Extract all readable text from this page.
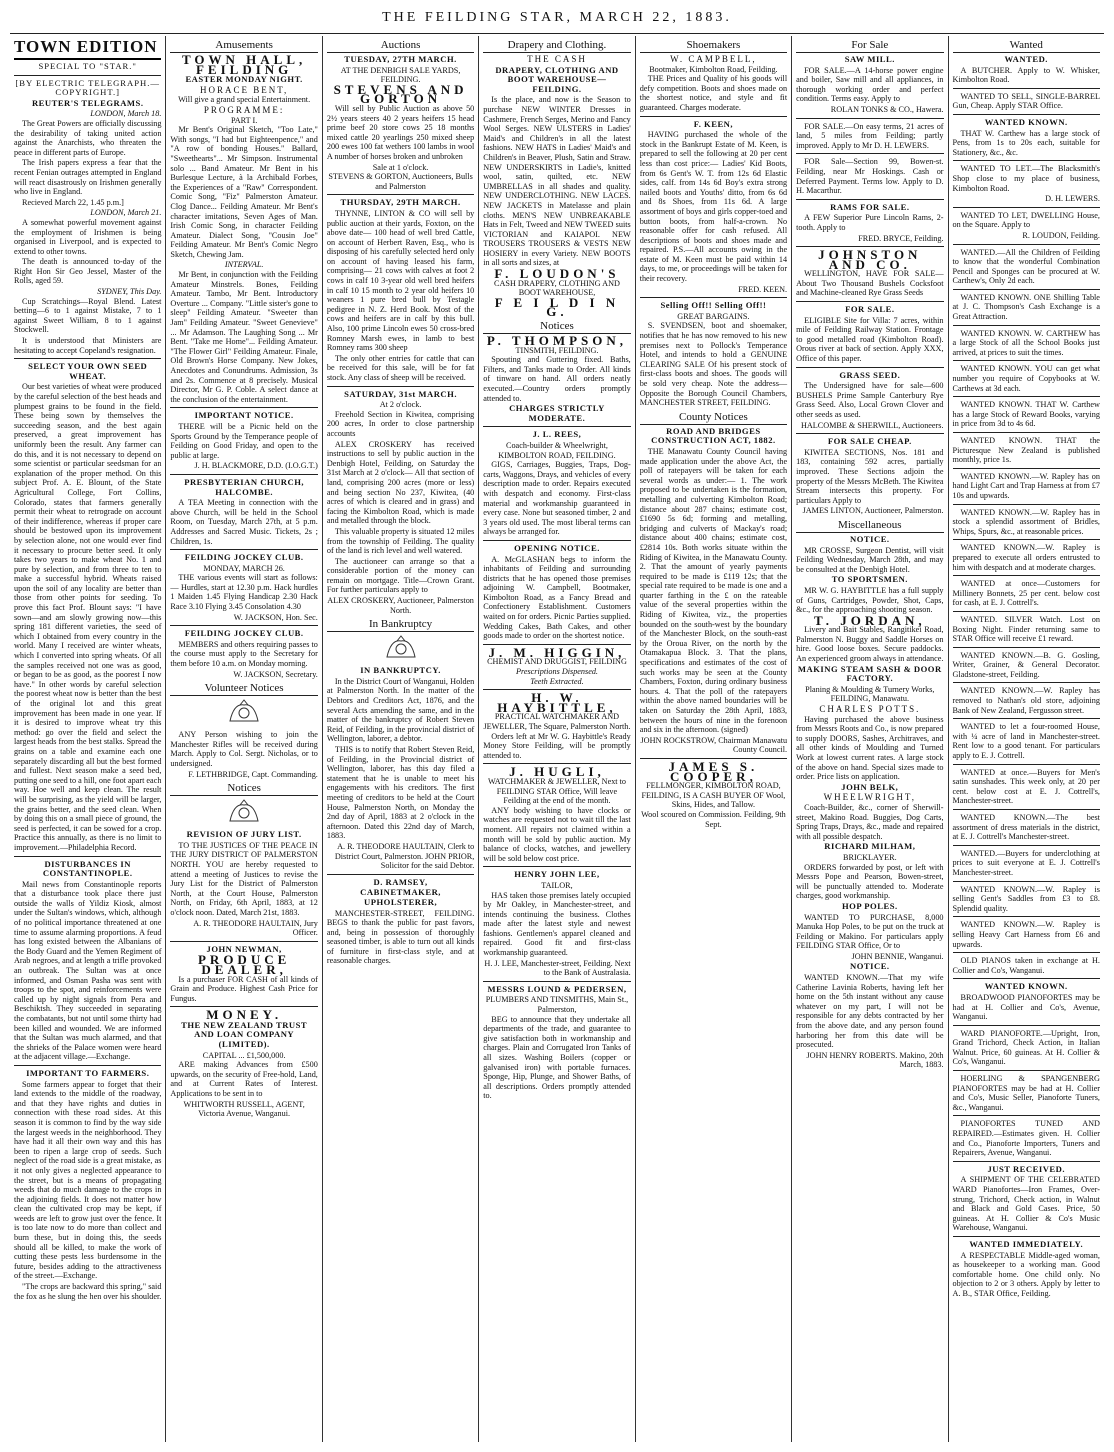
THE FEILDING STAR, MARCH 22, 1883.
TOWN EDITION
SPECIAL TO "STAR."
[BY ELECTRIC TELEGRAPH.—COPYRIGHT.]
REUTER'S TELEGRAMS.
LONDON, March 18.

The Great Powers are officially discussing the desirability of taking united action against the Anarchists, who threaten the peace in different parts of Europe.

The Irish papers express a fear that the recent Fenian outrages attempted in England will react disastrously on Irishmen generally who live in England.

Recieved March 22, 1.45 p.m.]

LONDON, March 21.

A somewhat powerful movement against the employment of Irishmen is being organised in Liverpool, and is expected to extend to other towns.

The death is announced to-day of the Right Hon Sir Geo Jessel, Master of the Rolls, aged 59.

SYDNEY, This Day.

Cup Scratchings—Royal Blend. Latest betting—6 to 1 against Mistake, 7 to 1 against Sweet William, 8 to 1 against Stockwell.

It is understood that Ministers are hesitating to accept Copeland's resignation.

SELECT YOUR OWN SEED WHEAT.

Our best varieties of wheat were produced by the careful selection of the best heads and plumpest grains to be found in the field. These being sown by themselves the succeeding season, and the best again preserved, a great improvement has uniformly been the result. Any farmer can do this, and it is not necessary to depend on some scientist or particular seedsman for an explanation of the proper method. On this subject Prof. A. E. Blount, of the State Agricultural College, Fort Collins, Colorado, states that farmers generally permit their wheat to retrograde on account of their indifference, whereas if proper care should be bestowed upon its improvement by selection alone, not one would ever find it necessary to procure better seed. It only takes two years to make wheat No. 1 and pure by selection, and from three to ten to make a successful hybrid. Wheats raised upon the soil of any locality are better than those from other points for seeding. To prove this fact Prof. Blount says: "I have sown—and am slowly growing now—this spring 181 different varieties, the seed of which I obtained from every country in the world. Many I received are winter wheats, which I converted into spring wheats. Of all the samples received not one was as good, or began to be as good, as the poorest I now have." In other words by careful selection the poorest wheat now is better than the best of the original lot and this great improvement has been made in one year. If it is desired to improve wheat try this method: go over the field and select the largest heads from the best stalks. Spread the grains on a table and examine each one separately discarding all but the best formed and fullest. Next season make a seed bed, putting one seed to a hill, one foot apart each way. Hoe well and keep clean. The result will be surprising, as the yield will be larger, the grains better, and the seed clean. When by doing this on a small piece of ground, the seed is perfected, it can be sowed for a crop. Practice this annually, as there is no limit to improvement.—Philadelphia Record.

DISTURBANCES IN CONSTANTINOPLE.

Mail news from Constantinople reports that a disturbance took place there just outside the walls of Yildiz Kiosk, almost under the Sultan's windows, which, although of no political importance threatened at one time to assume alarming proportions. A feud has long existed between the Albanians of the Body Guard and the Yemen Regiment of Arab negroes, and at length a trifle provoked an outbreak. The Sultan was at once informed, and Osman Pasha was sent with troops to the spot, and reinforcements were called up by night signals from Pera and Beschiktsh. They succeeded in separating the combatants, but not until some thirty had been killed and wounded. We are informed that the Sultan was much alarmed, and that the shrieks of the Palace women were heard at the adjacent village.—Exchange.

IMPORTANT TO FARMERS.

Some farmers appear to forget that their land extends to the middle of the roadway, and that they have rights and duties in connection with these road sides. At this season it is common to find by the way side the largest weeds in the neighborhood. They have had it all their own way and this has been to ripen a large crop of seeds. Such neglect of the road side is a great mistake, as it not only gives a neglected appearance to the street, but is a means of propagating weeds that do much damage to the crops in the adjoining fields. It does not matter how clean the cultivated crop may be kept, if weeds are left to grow just over the fence. It is too late now to do more than collect and burn these, but in doing this, the seeds should all be killed, to make the work of cutting these pests less burdensome in the future, besides adding to the attractiveness of the street.—Exchange.

"The crops are backward this spring," said the fox as he slung the hen over his shoulder.

Amusements
TOWN HALL, FEILDING
EASTER MONDAY NIGHT.
HORACE BENT,

Will give a grand special Entertainment.

PROGRAMME:
PART I.

Mr Bent's Original Sketch, "Too Late," With songs, "I had but Eighteenpence," and "A row of bonding Houses." Ballard, "Sweethearts"... Mr Simpson. Instrumental solo ... Band Amateur. Mr Bent in his Burlesque Lecture, à la Archibald Forbes, the Experiences of a "Raw" Correspondent. Comic Song, "Fiz" Palmerston Amateur. Clog Dance... Feilding Amateur. Mr Bent's character imitations, Seven Ages of Man. Irish Comic Song, in character Feilding Amateur. Dialect Song, "Cousin Joe" Feilding Amateur. Mr Bent's Comic Negro Sketch, Chewing Jam.

INTERVAL.

Mr Bent, in conjunction with the Feilding Amateur Minstrels. Bones, Feilding Amateur. Tambo, Mr Bent. Introductory Overture ... Company. "Little sister's gone to sleep" Feilding Amateur. "Sweeter than Jam" Feilding Amateur. "Sweet Genevieve" ... Mr Adamson. The Laughing Song ... Mr Bent. "Take me Home"... Feilding Amateur. "The Flower Girl" Feilding Amateur. Finale, Old Brown's Horse Company. New Jokes, Anecdotes and Conundrums. Admission, 3s and 2s. Commence at 8 precisely. Musical Director, Mr G. P. Coble. A select dance at the conclusion of the entertainment.

IMPORTANT NOTICE.

THERE will be a Picnic held on the Sports Ground by the Temperance people of Feilding on Good Friday, and open to the public at large.

J. H. BLACKMORE, D.D. (I.O.G.T.)
PRESBYTERIAN CHURCH, HALCOMBE.

A TEA Meeting in connection with the above Church, will be held in the School Room, on Tuesday, March 27th, at 5 p.m. Addresses and Sacred Music. Tickets, 2s ; Children, 1s.

FEILDING JOCKEY CLUB.
MONDAY, MARCH 26.

THE various events will start as follows:— Hurdles, start at 12.30 p.m. Hack hurdles 1 Maiden 1.45 Flying Handicap 2.30 Hack Race 3.10 Flying 3.45 Consolation 4.30

W. JACKSON, Hon. Sec.
FEILDING JOCKEY CLUB.

MEMBERS and others requiring passes to the course must apply to the Secretary for them before 10 a.m. on Monday morning.

W. JACKSON, Secretary.
Volunteer Notices

ANY Person wishing to join the Manchester Rifles will be received during March. Apply to Col. Sergt. Nicholas, or to undersigned.

F. LETHBRIDGE, Capt. Commanding.
Notices
REVISION OF JURY LIST.

TO THE JUSTICES OF THE PEACE IN THE JURY DISTRICT OF PALMERSTON NORTH. YOU are hereby requested to attend a meeting of Justices to revise the Jury List for the District of Palmerston North, at the Court House, Palmerston North, on Friday, 6th April, 1883, at 12 o'clock noon. Dated, March 21st, 1883.

A. R. THEODORE HAULTAIN, Jury Officer.
JOHN NEWMAN,
PRODUCE DEALER,

Is a purchaser FOR CASH of all kinds of Grain and Produce. Highest Cash Price for Fungus.

MONEY.
THE NEW ZEALAND TRUST AND LOAN COMPANY (LIMITED).
CAPITAL ... £1,500,000.

ARE making Advances from £500 upwards, on the security of Free-hold, Land, and at Current Rates of Interest. Applications to be sent in to

WHITWORTH RUSSELL, AGENT, Victoria Avenue, Wanganui.
Auctions
TUESDAY, 27TH MARCH.
AT THE DENBIGH SALE YARDS, FEILDING.
STEVENS AND GORTON

Will sell by Public Auction as above 50 2½ years steers 40 2 years heifers 15 head prime beef 20 store cows 25 18 months mixed cattle 20 yearlings 250 mixed sheep 200 ewes 100 fat wethers 100 lambs in wool A number of horses broken and unbroken

Sale at 1 o'clock.
STEVENS & GORTON, Auctioneers, Bulls and Palmerston
THURSDAY, 29TH MARCH.

THYNNE, LINTON & CO will sell by public auction at their yards, Foxton, on the above date— 100 head of well bred Cattle, on account of Herbert Raven, Esq., who is disposing of his carefully selected herd only on account of having leased his farm, comprising— 21 cows with calves at foot 2 cows in calf 10 3-year old well bred heifers in calf 10 15 month to 2 year old heifers 10 weaners 1 pure bred bull by Testagle pedigree in N. Z. Herd Book. Most of the cows and heifers are in calf by this bull. Also, 100 prime Lincoln ewes 50 cross-bred Romney Marsh ewes, in lamb to best Romney rams 300 sheep

The only other entries for cattle that can be received for this sale, will be for fat stock. Any class of sheep will be received.

SATURDAY, 31st MARCH.
At 2 o'clock.

Freehold Section in Kiwitea, comprising 200 acres, In order to close partnership accounts

ALEX CROSKERY has received instructions to sell by public auction in the Denbigh Hotel, Feilding, on Saturday the 31st March at 2 o'clock— All that section of land, comprising 200 acres (more or less) and being section No 237, Kiwitea, (40 acres of which is cleared and in grass) and facing the Kimbolton Road, which is made and metalled through the block.

This valuable property is situated 12 miles from the township of Feilding. The quality of the land is rich level and well watered.

The auctioneer can arrange so that a considerable portion of the money can remain on mortgage. Title—Crown Grant. For further particulars apply to

ALEX CROSKERY, Auctioneer, Palmerston North.
In Bankruptcy
IN BANKRUPTCY.

In the District Court of Wanganui, Holden at Palmerston North. In the matter of the Debtors and Creditors Act, 1876, and the several Acts amending the same, and in the matter of the bankruptcy of Robert Steven Reid, of Feilding, in the provincial district of Wellington, laborer, a debtor.

THIS is to notify that Robert Steven Reid, of Feilding, in the Provincial district of Wellington, laborer, has this day filed a statement that he is unable to meet his engagements with his creditors. The first meeting of creditors to be held at the Court House, Palmerston North, on Monday the 2nd day of April, 1883 at 2 o'clock in the afternoon. Dated this 22nd day of March, 1883.

A. R. THEODORE HAULTAIN, Clerk to District Court, Palmerston. JOHN PRIOR, Solicitor for the said Debtor.
D. RAMSEY,
CABINETMAKER, UPHOLSTERER,

MANCHESTER-STREET, FEILDING. BEGS to thank the public for past favors, and, being in possession of thoroughly seasoned timber, is able to turn out all kinds of furniture in first-class style, and at reasonable charges.

Drapery and Clothing.
THE CASH
DRAPERY, CLOTHING AND BOOT WAREHOUSE—FEILDING.

Is the place, and now is the Season to purchase NEW WINTER Dresses in Cashmere, French Serges, Merino and Fancy Wool Serges. NEW ULSTERS in Ladies' Maid's and Children's in all the latest fashions. NEW HATS in Ladies' Maid's and Children's in Beaver, Plush, Satin and Straw. NEW UNDERSKIRTS in Ladie's, knitted wool, satin, quilted, etc. NEW UMBRELLAS in all shades and quality. NEW UNDERCLOTHING. NEW LACES. NEW JACKETS in Matelasse and plain cloths. MEN'S NEW UNBREAKABLE Hats in Felt, Tweed and NEW TWEED suits VICTORIAN and KAIAPOI. NEW TROUSERS TROUSERS & VESTS NEW HOSIERY in every Variety. NEW BOOTS in all sorts and sizes, at

F. LOUDON'S
CASH DRAPERY, CLOTHING AND BOOT WAREHOUSE,
F E I L D I N G.
Notices
P. THOMPSON,
TINSMITH, FEILDING.

Spouting and Guttering fixed. Baths, Filters, and Tanks made to Order. All kinds of tinware on hand. All orders neatly executed.—Country orders promptly attended to.

CHARGES STRICTLY MODERATE.
J. L. REES,
Coach-builder & Wheelwright, KIMBOLTON ROAD, FEILDING.

GIGS, Carriages, Buggies, Traps, Dog-carts, Waggons, Drays, and vehicles of every description made to order. Repairs executed with despatch and economy. First-class material and workmanship guaranteed in every case. None but seasoned timber, 2 and 3 years old used. The most liberal terms can always be arranged for.

OPENING NOTICE.

A. McGLASHAN begs to inform the inhabitants of Feilding and surrounding districts that he has opened those premises adjoining W. Campbell, Bootmaker, Kimbolton Road, as a Fancy Bread and Confectionery Establishment. Customers waited on for orders. Picnic Parties supplied. Wedding Cakes, Bath Cakes, and other goods made to order on the shortest notice.

J. M. HIGGIN,
CHEMIST AND DRUGGIST, FEILDING
Prescriptions Dispensed.
Teeth Extracted.
H. W. HAYBITTLE,
PRACTICAL WATCHMAKER AND JEWELLER, The Square, Palmerston North.

Orders left at Mr W. G. Haybittle's Ready Money Store Feilding, will be promptly attended to.

J. HUGLI,
WATCHMAKER & JEWELLER, Next to FEILDING STAR Office, Will leave Feilding at the end of the month.

ANY body wishing to have clocks or watches are requested not to wait till the last moment. All repairs not claimed within a month will be sold by public auction. My balance of clocks, watches, and jewellery will be sold below cost price.

HENRY JOHN LEE,
TAILOR,

HAS taken those premises lately occupied by Mr Oakley, in Manchester-street, and intends continuing the business. Clothes made after the latest style and newest fashions. Gentlemen's apparel cleaned and repaired. Good fit and first-class workmanship guaranteed.

H. J. LEE, Manchester-street, Feilding. Next to the Bank of Australasia.
MESSRS LOUND & PEDERSEN,
PLUMBERS AND TINSMITHS, Main St., Palmerston,

BEG to announce that they undertake all departments of the trade, and guarantee to give satisfaction both in workmanship and charges. Plain and Corrugated Iron Tanks of all sizes. Washing Boilers (copper or galvanised iron) with portable furnaces. Sponge, Hip, Plunge, and Shower Baths, of all descriptions. Orders promptly attended to.

Shoemakers
W. CAMPBELL,
Bootmaker, Kimbolton Road, Feilding.

THE Prices and Quality of his goods will defy competition. Boots and shoes made on the shortest notice, and style and fit guaranteed. Charges moderate.

F. KEEN,

HAVING purchased the whole of the stock in the Bankrupt Estate of M. Keen, is prepared to sell the following at 20 per cent less than cost price:— Ladies' Kid Boots, from 6s Gent's W. T. from 12s 6d Elastic sides, calf. from 14s 6d Boy's extra strong nailed boots and Youths' ditto, from 6s 6d and 8s Shoes, from 11s 6d. A large assortment of boys and girls copper-toed and button boots, from half-a-crown. No reasonable offer for cash refused. All descriptions of boots and shoes made and repaired. P.S.—All accounts owing in the estate of M. Keen must be paid within 14 days, to me, or proceedings will be taken for their recovery.

FRED. KEEN.
Selling Off!! Selling Off!!
GREAT BARGAINS.

S. SVENDSEN, boot and shoemaker, notifies that he has now removed to his new premises next to Pollock's Temperance Hotel, and intends to hold a GENUINE CLEARING SALE Of his present stock of first-class boots and shoes. The goods will be sold very cheap. Note the address— Opposite the Borough Council Chambers, MANCHESTER STREET, FEILDING.

County Notices
ROAD AND BRIDGES CONSTRUCTION ACT, 1882.

THE Manawatu County Council having made application under the above Act, the poll of ratepayers will be taken for each several words as under:— 1. The work proposed to be undertaken is the formation, metalling and culverting Kimbolton Road; distance about 287 chains; estimate cost, £1690 5s 6d; forming and metalling, bridging and culverts of Mackay's road; distance about 400 chains; estimate cost, £2814 10s. Both works situate within the Riding of Kiwitea, in the Manawatu County. 2. That the amount of yearly payments required to be made is £119 12s; that the special rate required to be made is one and a quarter farthing in the £ on the rateable value of the several properties within the Riding of Kiwitea, viz., the properties bounded on the south-west by the boundary of the Manchester Block, on the south-east by the Oroua River, on the north by the Otamakapua Block. 3. That the plans, specifications and estimates of the cost of such works may be seen at the County Chambers, Foxton, during ordinary business hours. 4. That the poll of the ratepayers within the above named boundaries will be taken on Saturday the 28th April, 1883, between the hours of nine in the forenoon and six in the afternoon. (signed)

JOHN ROCKSTROW, Chairman Manawatu County Council.
JAMES S. COOPER,
FELLMONGER, KIMBOLTON ROAD, FEILDING, IS A CASH BUYER OF Wool, Skins, Hides, and Tallow.

Wool scoured on Commission. Feilding, 9th Sept.

For Sale
SAW MILL.

FOR SALE.—A 14-horse power engine and boiler, Saw mill and all appliances, in thorough working order and perfect condition. Terms easy. Apply to

ROLAN TONKS & CO., Hawera.

FOR SALE.—On easy terms, 21 acres of land, 5 miles from Feilding; partly improved. Apply to Mr D. H. LEWERS.

FOR Sale—Section 99, Bowen-st. Feilding, near Mr Hoskings. Cash or Deferred Payment. Terms low. Apply to D. H. Macarthur.

RAMS FOR SALE.

A FEW Superior Pure Lincoln Rams, 2-tooth. Apply to

FRED. BRYCE, Feilding.
JOHNSTON AND CO.

WELLINGTON, HAVE FOR SALE—About Two Thousand Bushels Cocksfoot and Machine-cleaned Rye Grass Seeds

FOR SALE.

ELIGIBLE Site for Villa: 7 acres, within mile of Feilding Railway Station. Frontage to good metalled road (Kimbolton Road). Orous river at back of section. Apply XXX, Office of this paper.

GRASS SEED.

The Undersigned have for sale—600 BUSHELS Prime Sample Canterbury Rye Grass Seed. Also, Local Grown Clover and other seeds as used.

HALCOMBE & SHERWILL, Auctioneers.
FOR SALE CHEAP.

KIWITEA SECTIONS, Nos. 181 and 183, containing 592 acres, partially improved. These Sections adjoin the property of the Messrs McBeth. The Kiwitea Stream intersects this property. For particulars Apply to

JAMES LINTON, Auctioneer, Palmerston.
Miscellaneous
NOTICE.

MR CROSSE, Surgeon Dentist, will visit Feilding Wednesday, March 28th, and may be consulted at the Denbigh Hotel.

TO SPORTSMEN.

MR W. G. HAYBITTLE has a full supply of Guns, Cartridges, Powder, Shot, Caps, &c., for the approaching shooting season.

T. JORDAN,

Livery and Bait Stables, Rangitikei Road, Palmerston N. Buggy and Saddle Horses on hire. Good loose boxes. Secure paddocks. An experienced groom always in attendance.

MAKING STEAM SASH & DOOR FACTORY.

Planing & Moulding & Turnery Works, FEILDING, Manawatu.

CHARLES POTTS.

Having purchased the above business from Messrs Roots and Co., is now prepared to supply DOORS, Sashes, Architraves, and all other kinds of Moulding and Turned Work at lowest current rates. A large stock of the above on hand. Special sizes made to order. Price lists on application.

JOHN BELK,
WHEELWRIGHT,

Coach-Builder, &c., corner of Sherwill-street, Makino Road. Buggies, Dog Carts, Spring Traps, Drays, &c., made and repaired with all possible despatch.

RICHARD MILHAM,
BRICKLAYER.

ORDERS forwarded by post, or left with Messrs Pope and Pearson, Bowen-street, will be punctually attended to. Moderate charges, good workmanship.

HOP POLES.

WANTED TO PURCHASE, 8,000 Manuka Hop Poles, to be put on the truck at Feilding or Makino. For particulars apply FEILDING STAR Office, Or to

JOHN BENNIE, Wanganui.
NOTICE.

WANTED KNOWN.—That my wife Catherine Lavinia Roberts, having left her home on the 5th instant without any cause whatever on my part, I will not be responsible for any debts contracted by her from the above date, and any person found harboring her from this date will be prosecuted.

JOHN HENRY ROBERTS. Makino, 20th March, 1883.
Wanted
WANTED.

A BUTCHER. Apply to W. Whisker, Kimbolton Road.

WANTED TO SELL, SINGLE-BARREL Gun, Cheap. Apply STAR Office.

WANTED KNOWN.

THAT W. Carthew has a large stock of Pens, from 1s to 20s each, suitable for Stationery, &c., &c.

WANTED TO LET.—The Blacksmith's Shop close to my place of business, Kimbolton Road.

D. H. LEWERS.

WANTED TO LET, DWELLING House, on the Square. Apply to

R. LOUDON, Feilding.

WANTED.—All the Children of Feilding to know that the wonderful Combination Pencil and Sponges can be procured at W. Carthew's, Only 2d each.

WANTED KNOWN. ONE Shilling Table at J. C. Thompson's Cash Exchange is a Great Attraction.

WANTED KNOWN. W. CARTHEW has a large Stock of all the School Books just arrived, at prices to suit the times.

WANTED KNOWN. YOU can get what number you require of Copybooks at W. Carthews at 3d each.

WANTED KNOWN. THAT W. Carthew has a large Stock of Reward Books, varying in price from 3d to 4s 6d.

WANTED KNOWN. THAT the Picturesque New Zealand is published monthly, price 1s.

WANTED KNOWN.—W. Rapley has on hand Light Cart and Trap Harness at from £7 10s and upwards.

WANTED KNOWN.—W. Rapley has in stock a splendid assortment of Bridles, Whips, Spurs, &c., at reasonable prices.

WANTED KNOWN.—W. Rapley is prepared to execute all orders entrusted to him with despatch and at moderate charges.

WANTED at once—Customers for Millinery Bonnets, 25 per cent. below cost for cash, at E. J. Cottrell's.

WANTED. SILVER Watch. Lost on Boxing Night. Finder returning same to STAR Office will receive £1 reward.

WANTED KNOWN.—B. G. Gosling, Writer, Grainer, & General Decorator. Gladstone-street, Feilding.

WANTED KNOWN.—W. Rapley has removed to Nathan's old store, adjoining Bank of New Zealand, Fergusson street.

WANTED to let a four-roomed House, with ¼ acre of land in Manchester-street. Rent low to a good tenant. For particulars apply to E. J. Cottrell.

WANTED at once.—Buyers for Men's satin sunshades. This week only, at 20 per cent. below cost at E. J. Cottrell's, Manchester-street.

WANTED KNOWN.—The best assortment of dress materials in the district, at E. J. Cottrell's Manchester-street.

WANTED.—Buyers for underclothing at prices to suit everyone at E. J. Cottrell's Manchester-street.

WANTED KNOWN.—W. Rapley is selling Gent's Saddles from £3 to £8. Splendid quality.

WANTED KNOWN.—W. Rapley is selling Heavy Cart Harness from £6 and upwards.

OLD PIANOS taken in exchange at H. Collier and Co's, Wanganui.

WANTED KNOWN.

BROADWOOD PIANOFORTES may be had at H. Collier and Co's, Avenue, Wanganui.

WARD PIANOFORTE.—Upright, Iron, Grand Trichord, Check Action, in Italian Walnut. Price, 60 guineas. At H. Collier & Co's, Wanganui.

HOERLING & SPANGENBERG PIANOFORTES may be had at H. Collier and Co's, Music Seller, Pianoforte Tuners, &c., Wanganui.

PIANOFORTES TUNED AND REPAIRED.—Estimates given. H. Collier and Co., Pianoforte Importers, Tuners and Repairers, Avenue, Wanganui.

JUST RECEIVED.

A SHIPMENT OF THE CELEBRATED WARD Pianofortes—Iron Frames, Over-strung, Trichord, Check action, in Walnut and Black and Gold Cases. Price, 50 guineas. At H. Collier & Co's Music Warehouse, Wanganui.

WANTED IMMEDIATELY.

A RESPECTABLE Middle-aged woman, as housekeeper to a working man. Good comfortable home. One child only. No objection to 2 or 3 others. Apply by letter to A. B., STAR Office, Feilding.
